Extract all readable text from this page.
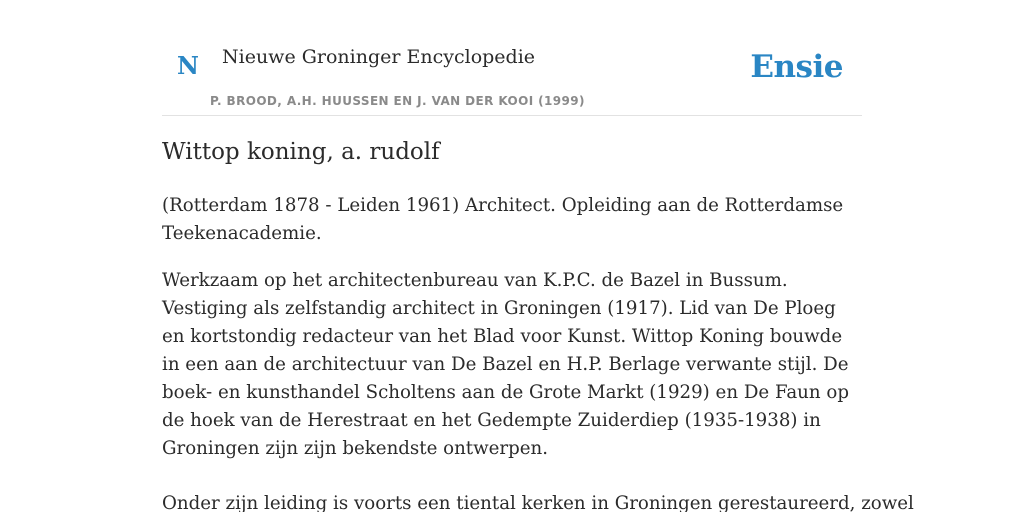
N Nieuwe Groninger Encyclopedie
P. BROOD, A.H. HUUSSEN EN J. VAN DER KOOI (1999)
Ensie
Wittop koning, a. rudolf

(Rotterdam 1878 - Leiden 1961) Architect. Opleiding aan de Rotterdamse Teekenacademie.

Werkzaam op het architectenbureau van K.P.C. de Bazel in Bussum. Vestiging als zelfstandig architect in Groningen (1917). Lid van De Ploeg en kortstondig redacteur van het Blad voor Kunst. Wittop Koning bouwde in een aan de architectuur van De Bazel en H.P. Berlage verwante stijl. De boek- en kunsthandel Scholtens aan de Grote Markt (1929) en De Faun op de hoek van de Herestraat en het Gedempte Zuiderdiep (1935-1938) in Groningen zijn zijn bekendste ontwerpen.

Onder zijn leiding is voorts een tiental kerken in Groningen gerestaureerd, zowel
